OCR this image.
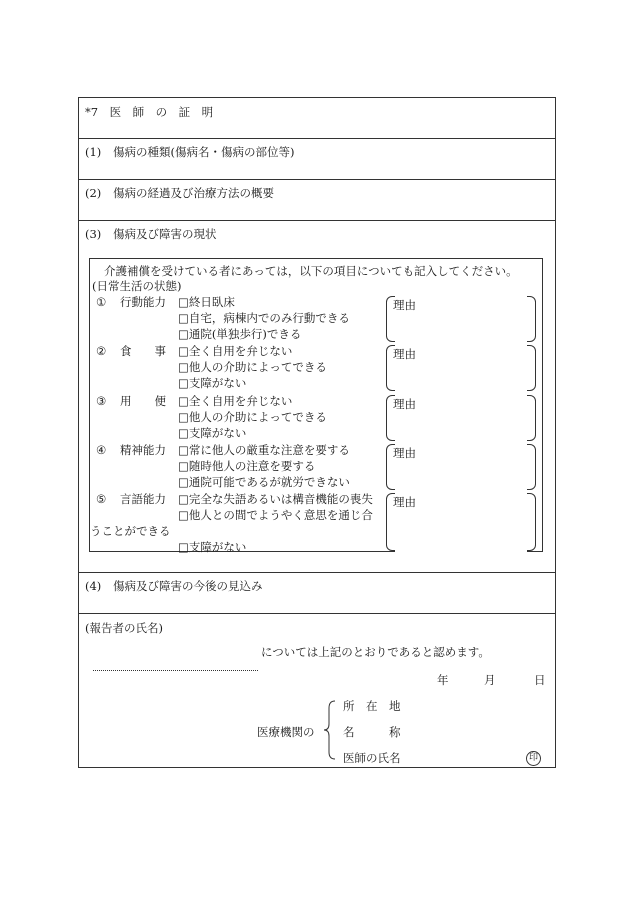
*7　医　師　の　証　明
(1) 傷病の種類(傷病名・傷病の部位等)
(2) 傷病の経過及び治療方法の概要
(3) 傷病及び障害の現状
介護補償を受けている者にあっては，以下の項目についても記入してください。
(日常生活の状態)
① 行動能力 □終日臥床
□自宅，病棟内でのみ行動できる
□通院(単独歩行)できる
理由
② 食　　事 □全く自用を弁じない
□他人の介助によってできる
□支障がない
理由
③ 用　　便 □全く自用を弁じない
□他人の介助によってできる
□支障がない
理由
④ 精神能力 □常に他人の厳重な注意を要する
□随時他人の注意を要する
□通院可能であるが就労できない
理由
⑤ 言語能力 □完全な失語あるいは構音機能の喪失
□他人との間でようやく意思を通じ合
うことができる
□支障がない
理由
(4) 傷病及び障害の今後の見込み
(報告者の氏名)
については上記のとおりであると認めます。
年	月	日
医療機関の
所　在　地
名　　　称
医師の氏名	印
